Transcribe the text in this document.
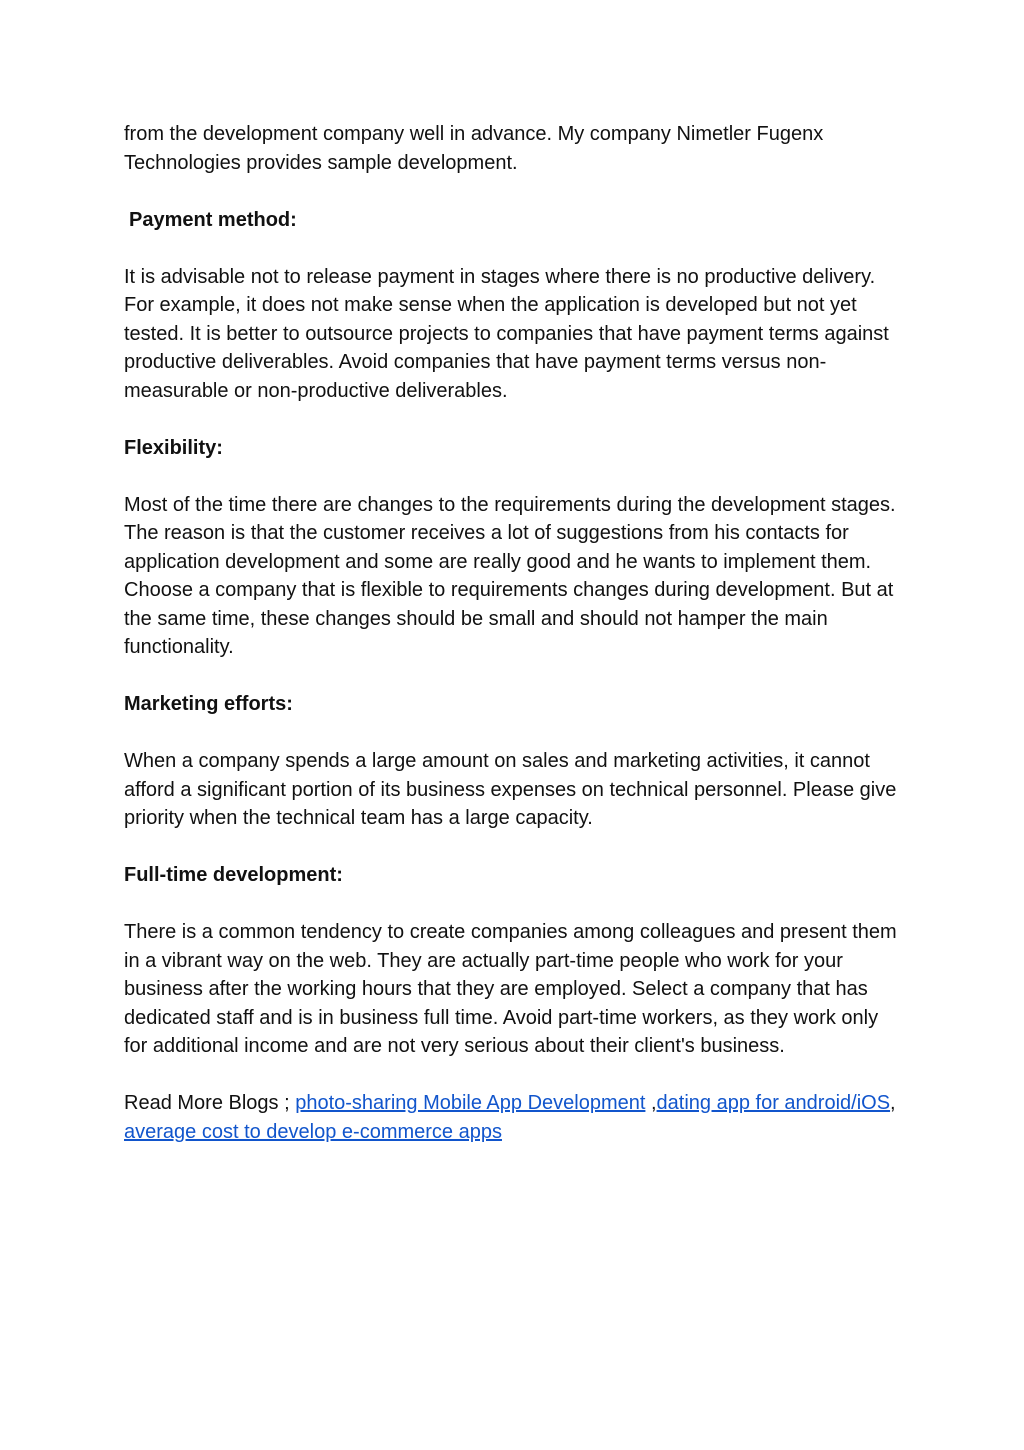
from the development company well in advance. My company Nimetler Fugenx Technologies provides sample development.

Payment method:

It is advisable not to release payment in stages where there is no productive delivery. For example, it does not make sense when the application is developed but not yet tested. It is better to outsource projects to companies that have payment terms against productive deliverables. Avoid companies that have payment terms versus non-measurable or non-productive deliverables.

Flexibility:

Most of the time there are changes to the requirements during the development stages. The reason is that the customer receives a lot of suggestions from his contacts for application development and some are really good and he wants to implement them.

Choose a company that is flexible to requirements changes during development. But at the same time, these changes should be small and should not hamper the main functionality.

Marketing efforts:

When a company spends a large amount on sales and marketing activities, it cannot afford a significant portion of its business expenses on technical personnel. Please give priority when the technical team has a large capacity.

Full-time development:

There is a common tendency to create companies among colleagues and present them in a vibrant way on the web. They are actually part-time people who work for your business after the working hours that they are employed. Select a company that has dedicated staff and is in business full time. Avoid part-time workers, as they work only for additional income and are not very serious about their client's business.

Read More Blogs ; photo-sharing Mobile App Development ,dating app for android/iOS, average cost to develop e-commerce apps
